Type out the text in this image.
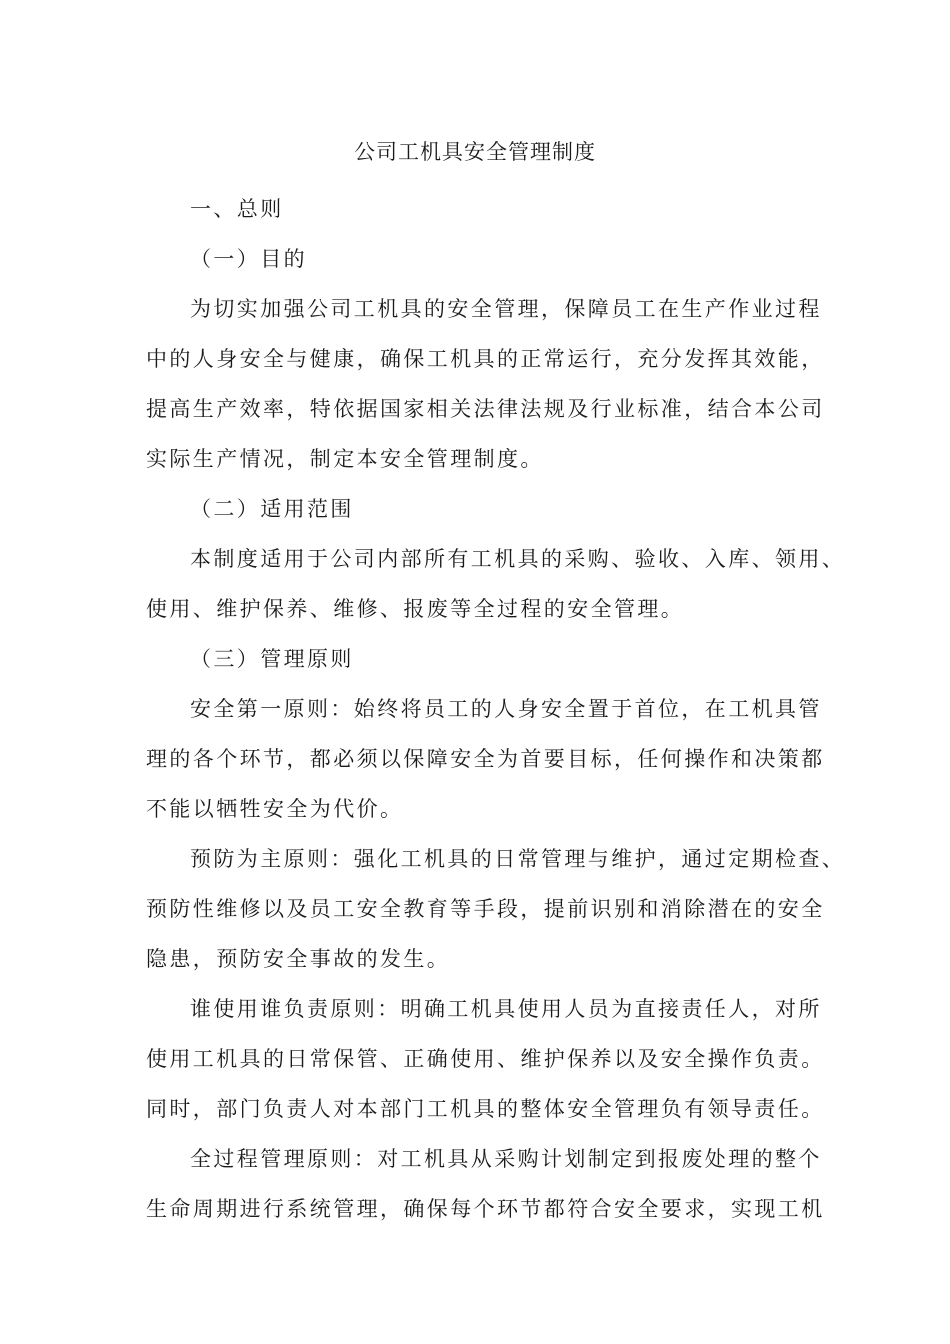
公司工机具安全管理制度

一、总则

（一）目的

为切实加强公司工机具的安全管理，保障员工在生产作业过程

中的人身安全与健康，确保工机具的正常运行，充分发挥其效能，

提高生产效率，特依据国家相关法律法规及行业标准，结合本公司

实际生产情况，制定本安全管理制度。

（二）适用范围

本制度适用于公司内部所有工机具的采购、验收、入库、领用、

使用、维护保养、维修、报废等全过程的安全管理。

（三）管理原则

安全第一原则：始终将员工的人身安全置于首位，在工机具管

理的各个环节，都必须以保障安全为首要目标，任何操作和决策都

不能以牺牲安全为代价。

预防为主原则：强化工机具的日常管理与维护，通过定期检查、

预防性维修以及员工安全教育等手段，提前识别和消除潜在的安全

隐患，预防安全事故的发生。

谁使用谁负责原则：明确工机具使用人员为直接责任人，对所

使用工机具的日常保管、正确使用、维护保养以及安全操作负责。

同时，部门负责人对本部门工机具的整体安全管理负有领导责任。

全过程管理原则：对工机具从采购计划制定到报废处理的整个

生命周期进行系统管理，确保每个环节都符合安全要求，实现工机
